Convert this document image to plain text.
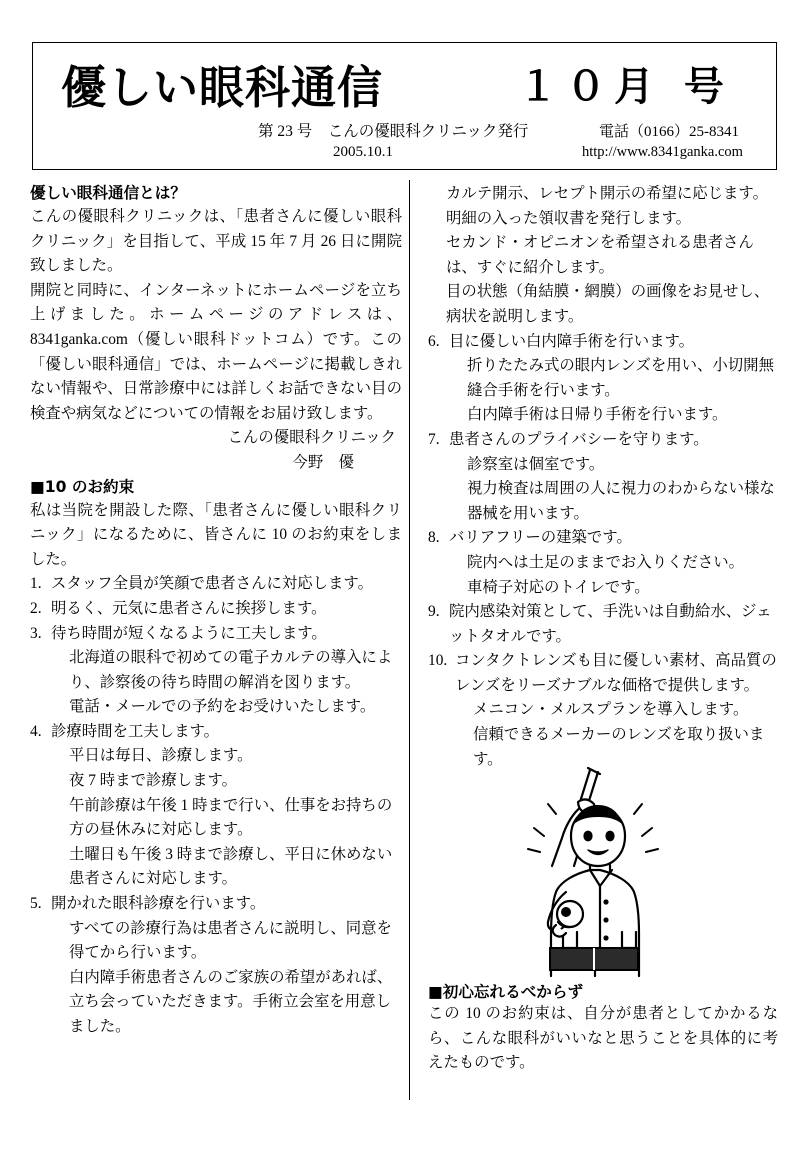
優しい眼科通信	１０月 号
第 23 号　こんの優眼科クリニック発行
2005.10.1
電話（0166）25-8341
http://www.8341ganka.com
優しい眼科通信とは？

こんの優眼科クリニックは、「患者さんに優しい眼科クリニック」を目指して、平成 15 年 7 月 26 日に開院致しました。

開院と同時に、インターネットにホームページを立ち上げました。ホームページのアドレスは、8341ganka.com（優しい眼科ドットコム）です。この「優しい眼科通信」では、ホームページに掲載しきれない情報や、日常診療中には詳しくお話できない目の検査や病気などについての情報をお届け致します。

こんの優眼科クリニック

今野　優

■10 のお約束

私は当院を開設した際、「患者さんに優しい眼科クリニック」になるために、皆さんに 10 のお約束をしました。

1. スタッフ全員が笑顔で患者さんに対応します。
2. 明るく、元気に患者さんに挨拶します。
3. 待ち時間が短くなるように工夫します。
北海道の眼科で初めての電子カルテの導入により、診察後の待ち時間の解消を図ります。
電話・メールでの予約をお受けいたします。
4. 診療時間を工夫します。
平日は毎日、診療します。
夜 7 時まで診療します。
午前診療は午後 1 時まで行い、仕事をお持ちの方の昼休みに対応します。
土曜日も午後 3 時まで診療し、平日に休めない患者さんに対応します。
5. 開かれた眼科診療を行います。
すべての診療行為は患者さんに説明し、同意を得てから行います。
白内障手術患者さんのご家族の希望があれば、立ち会っていただきます。手術立会室を用意しました。
カルテ開示、レセプト開示の希望に応じます。
明細の入った領収書を発行します。
セカンド・オピニオンを希望される患者さんは、すぐに紹介します。
目の状態（角結膜・網膜）の画像をお見せし、病状を説明します。
6. 目に優しい白内障手術を行います。
折りたたみ式の眼内レンズを用い、小切開無縫合手術を行います。
白内障手術は日帰り手術を行います。
7. 患者さんのプライバシーを守ります。
診察室は個室です。
視力検査は周囲の人に視力のわからない様な器械を用います。
8. バリアフリーの建築です。
院内へは土足のままでお入りください。
車椅子対応のトイレです。
9. 院内感染対策として、手洗いは自動給水、ジェットタオルです。
10. コンタクトレンズも目に優しい素材、高品質のレンズをリーズナブルな価格で提供します。
メニコン・メルスプランを導入します。
信頼できるメーカーのレンズを取り扱います。
■初心忘れるべからず
この 10 のお約束は、自分が患者としてかかるなら、こんな眼科がいいなと思うことを具体的に考えたものです。
